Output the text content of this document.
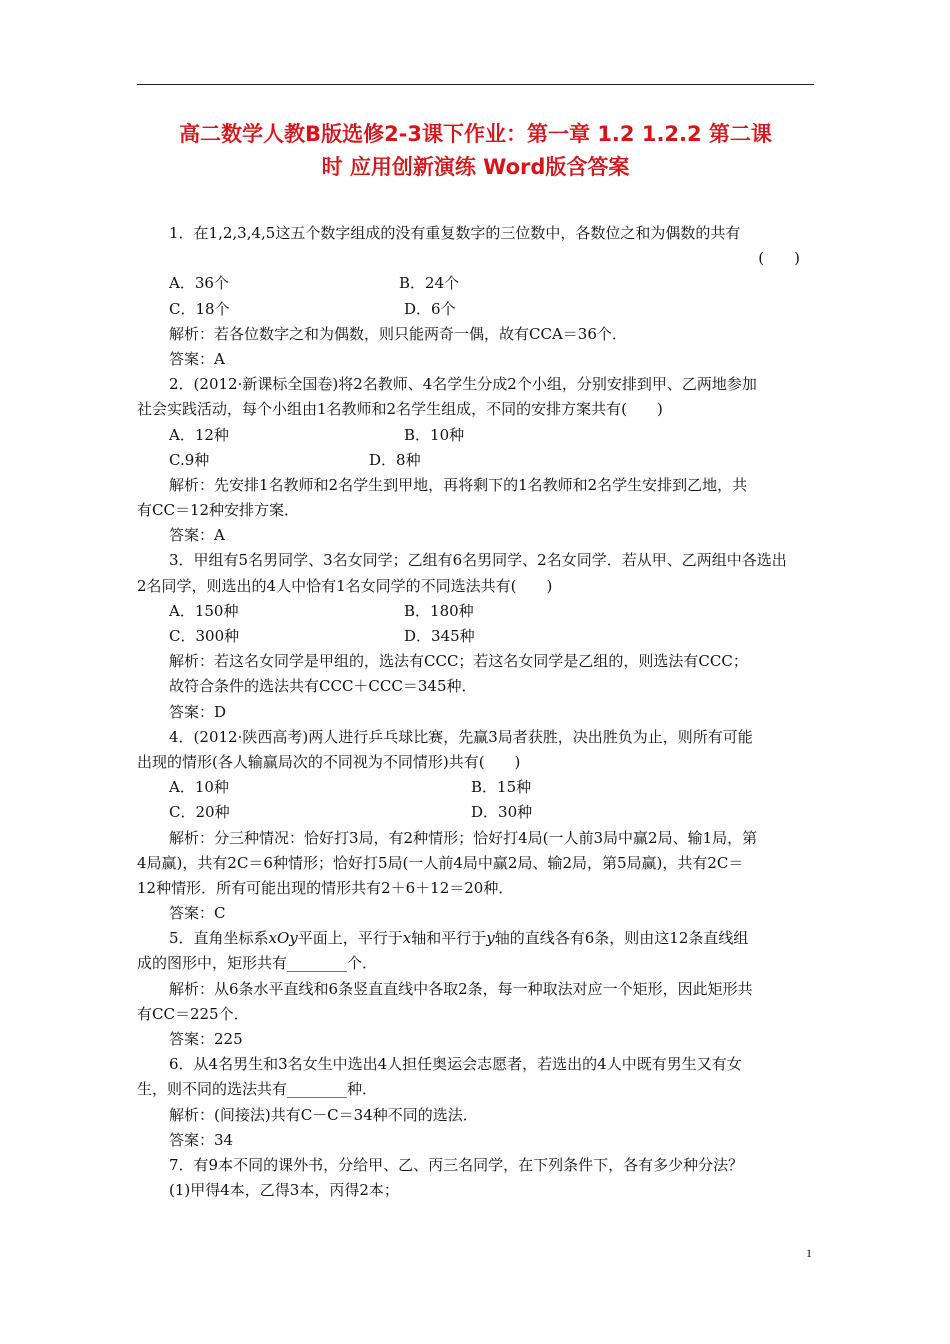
高二数学人教B版选修2-3课下作业：第一章 1.2 1.2.2 第二课
时 应用创新演练 Word版含答案
1．在1,2,3,4,5这五个数字组成的没有重复数字的三位数中，各数位之和为偶数的共有
(　　)
A．36个	B．24个
C．18个	D．6个
解析：若各位数字之和为偶数，则只能两奇一偶，故有CCA＝36个．
答案：A
2．(2012·新课标全国卷)将2名教师、4名学生分成2个小组，分别安排到甲、乙两地参加
社会实践活动，每个小组由1名教师和2名学生组成，不同的安排方案共有(　　)
A．12种	B．10种
C.9种	D．8种
解析：先安排1名教师和2名学生到甲地，再将剩下的1名教师和2名学生安排到乙地，共
有CC＝12种安排方案．
答案：A
3．甲组有5名男同学、3名女同学；乙组有6名男同学、2名女同学．若从甲、乙两组中各选出
2名同学，则选出的4人中恰有1名女同学的不同选法共有(　　)
A．150种	B．180种
C．300种	D．345种
解析：若这名女同学是甲组的，选法有CCC；若这名女同学是乙组的，则选法有CCC；
故符合条件的选法共有CCC＋CCC＝345种．
答案：D
4．(2012·陕西高考)两人进行乒乓球比赛，先赢3局者获胜，决出胜负为止，则所有可能
出现的情形(各人输赢局次的不同视为不同情形)共有(　　)
A．10种	B．15种
C．20种	D．30种
解析：分三种情况：恰好打3局，有2种情形；恰好打4局(一人前3局中赢2局、输1局，第
4局赢)，共有2C＝6种情形；恰好打5局(一人前4局中赢2局、输2局，第5局赢)，共有2C＝
12种情形．所有可能出现的情形共有2＋6＋12＝20种．
答案：C
5．直角坐标系xOy平面上，平行于x轴和平行于y轴的直线各有6条，则由这12条直线组
成的图形中，矩形共有________个．
解析：从6条水平直线和6条竖直直线中各取2条，每一种取法对应一个矩形，因此矩形共
有CC＝225个．
答案：225
6．从4名男生和3名女生中选出4人担任奥运会志愿者，若选出的4人中既有男生又有女
生，则不同的选法共有________种．
解析：(间接法)共有C－C＝34种不同的选法．
答案：34
7．有9本不同的课外书，分给甲、乙、丙三名同学，在下列条件下，各有多少种分法？
(1)甲得4本，乙得3本，丙得2本；
1
